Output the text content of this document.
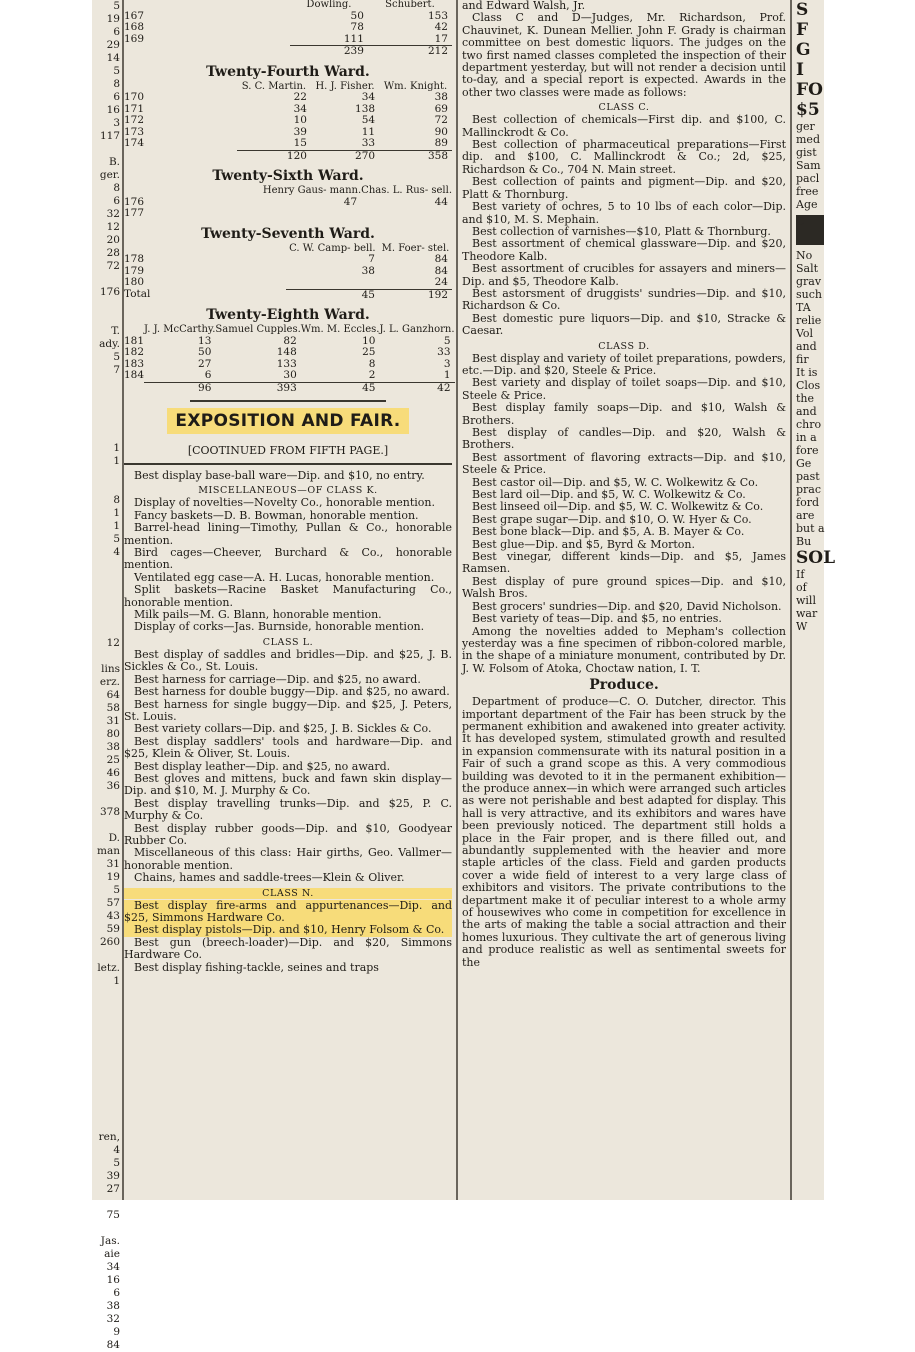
5
19
6
29
14
5
8
6
16
3
117
B.
ger.
8
6
32
12
20
28
72
176
T.
ady.
5
7
1
1
8
1
1
5
4
12
lins
erz.
64
58
31
80
38
25
46
36
378
D.
man
31
19
5
57
43
59
260
letz.
1
ren,
4
5
39
27
75
Jas.
aie
34
16
6
38
32
9
84
	Dowling.	Schubert.
167	50	153
168	78	42
169	111	17
	239	212
Twenty-Fourth Ward.
	S. C. Martin.	H. J. Fisher.	Wm. Knight.
170	22	34	38
171	34	138	69
172	10	54	72
173	39	11	90
174	15	33	89
	120	270	358
Twenty-Sixth Ward.
	Henry Gaus- mann.	Chas. L. Rus- sell.
176	47	44
177		
Twenty-Seventh Ward.
	C. W. Camp- bell.	M. Foer- stel.
178	7	84
179	38	84
180		24
Total	45	192
Twenty-Eighth Ward.
	J. J. McCarthy.	Samuel Cupples.	Wm. M. Eccles.	J. L. Ganzhorn.
181	13	82	10	5
182	50	148	25	33
183	27	133	8	3
184	6	30	2	1
	96	393	45	42
EXPOSITION AND FAIR.
[COOTINUED FROM FIFTH PAGE.]

Best display base-ball ware—Dip. and $10, no entry.

MISCELLANEOUS—OF CLASS K.

Display of novelties—Novelty Co., honorable mention.

Fancy baskets—D. B. Bowman, honorable mention.

Barrel-head lining—Timothy, Pullan & Co., honorable mention.

Bird cages—Cheever, Burchard & Co., honorable mention.

Ventilated egg case—A. H. Lucas, honorable mention.

Split baskets—Racine Basket Manufacturing Co., honorable mention.

Milk pails—M. G. Blann, honorable mention.

Display of corks—Jas. Burnside, honorable mention.

CLASS L.

Best display of saddles and bridles—Dip. and $25, J. B. Sickles & Co., St. Louis.

Best harness for carriage—Dip. and $25, no award.

Best harness for double buggy—Dip. and $25, no award.

Best harness for single buggy—Dip. and $25, J. Peters, St. Louis.

Best variety collars—Dip. and $25, J. B. Sickles & Co.

Best display saddlers' tools and hardware—Dip. and $25, Klein & Oliver, St. Louis.

Best display leather—Dip. and $25, no award.

Best gloves and mittens, buck and fawn skin display—Dip. and $10, M. J. Murphy & Co.

Best display travelling trunks—Dip. and $25, P. C. Murphy & Co.

Best display rubber goods—Dip. and $10, Goodyear Rubber Co.

Miscellaneous of this class: Hair girths, Geo. Vallmer—honorable mention.

Chains, hames and saddle-trees—Klein & Oliver.

CLASS N.

Best display fire-arms and appurtenances—Dip. and $25, Simmons Hardware Co.

Best display pistols—Dip. and $10, Henry Folsom & Co.

Best gun (breech-loader)—Dip. and $20, Simmons Hardware Co.

Best display fishing-tackle, seines and traps

and Edward Walsh, Jr.

Class C and D—Judges, Mr. Richardson, Prof. Chauvinet, K. Dunean Mellier. John F. Grady is chairman committee on best domestic liquors. The judges on the two first named classes completed the inspection of their department yesterday, but will not render a decision until to-day, and a special report is expected. Awards in the other two classes were made as follows:

CLASS C.

Best collection of chemicals—First dip. and $100, C. Mallinckrodt & Co.

Best collection of pharmaceutical preparations—First dip. and $100, C. Mallinckrodt & Co.; 2d, $25, Richardson & Co., 704 N. Main street.

Best collection of paints and pigment—Dip. and $20, Platt & Thornburg.

Best variety of ochres, 5 to 10 lbs of each color—Dip. and $10, M. S. Mephain.

Best collection of varnishes—$10, Platt & Thornburg.

Best assortment of chemical glassware—Dip. and $20, Theodore Kalb.

Best assortment of crucibles for assayers and miners—Dip. and $5, Theodore Kalb.

Best astorsment of druggists' sundries—Dip. and $10, Richardson & Co.

Best domestic pure liquors—Dip. and $10, Stracke & Caesar.

CLASS D.

Best display and variety of toilet preparations, powders, etc.—Dip. and $20, Steele & Price.

Best variety and display of toilet soaps—Dip. and $10, Steele & Price.

Best display family soaps—Dip. and $10, Walsh & Brothers.

Best display of candles—Dip. and $20, Walsh & Brothers.

Best assortment of flavoring extracts—Dip. and $10, Steele & Price.

Best castor oil—Dip. and $5, W. C. Wolkewitz & Co.

Best lard oil—Dip. and $5, W. C. Wolkewitz & Co.

Best linseed oil—Dip. and $5, W. C. Wolkewitz & Co.

Best grape sugar—Dip. and $10, O. W. Hyer & Co.

Best bone black—Dip. and $5, A. B. Mayer & Co.

Best glue—Dip. and $5, Byrd & Morton.

Best vinegar, different kinds—Dip. and $5, James Ramsen.

Best display of pure ground spices—Dip. and $10, Walsh Bros.

Best grocers' sundries—Dip. and $20, David Nicholson.

Best variety of teas—Dip. and $5, no entries.

Among the novelties added to Mepham's collection yesterday was a fine specimen of ribbon-colored marble, in the shape of a miniature monument, contributed by Dr. J. W. Folsom of Atoka, Choctaw nation, I. T.

Produce.

Department of produce—C. O. Dutcher, director. This important department of the Fair has been struck by the permanent exhibition and awakened into greater activity. It has developed system, stimulated growth and resulted in expansion commensurate with its natural position in a Fair of such a grand scope as this. A very commodious building was devoted to it in the permanent exhibition—the produce annex—in which were arranged such articles as were not perishable and best adapted for display. This hall is very attractive, and its exhibitors and wares have been previously noticed. The department still holds a place in the Fair proper, and is there filled out, and abundantly supplemented with the heavier and more staple articles of the class. Field and garden products cover a wide field of interest to a very large class of exhibitors and visitors. The private contributions to the department make it of peculiar interest to a whole army of housewives who come in competition for excellence in the arts of making the table a social attraction and their homes luxurious. They cultivate the art of generous living and produce realistic as well as sentimental sweets for the

S
F
G
I
FO
$5
ger
med
gist
Sam
pacl
free
Age
C
No
Salt
grav
such
TA
relie
Vol
and
fir
It is
Clos
the
and
chro
in a
fore
Ge
past
prac
ford
are
but a
Bu
SOL
If
of
will
war
W
